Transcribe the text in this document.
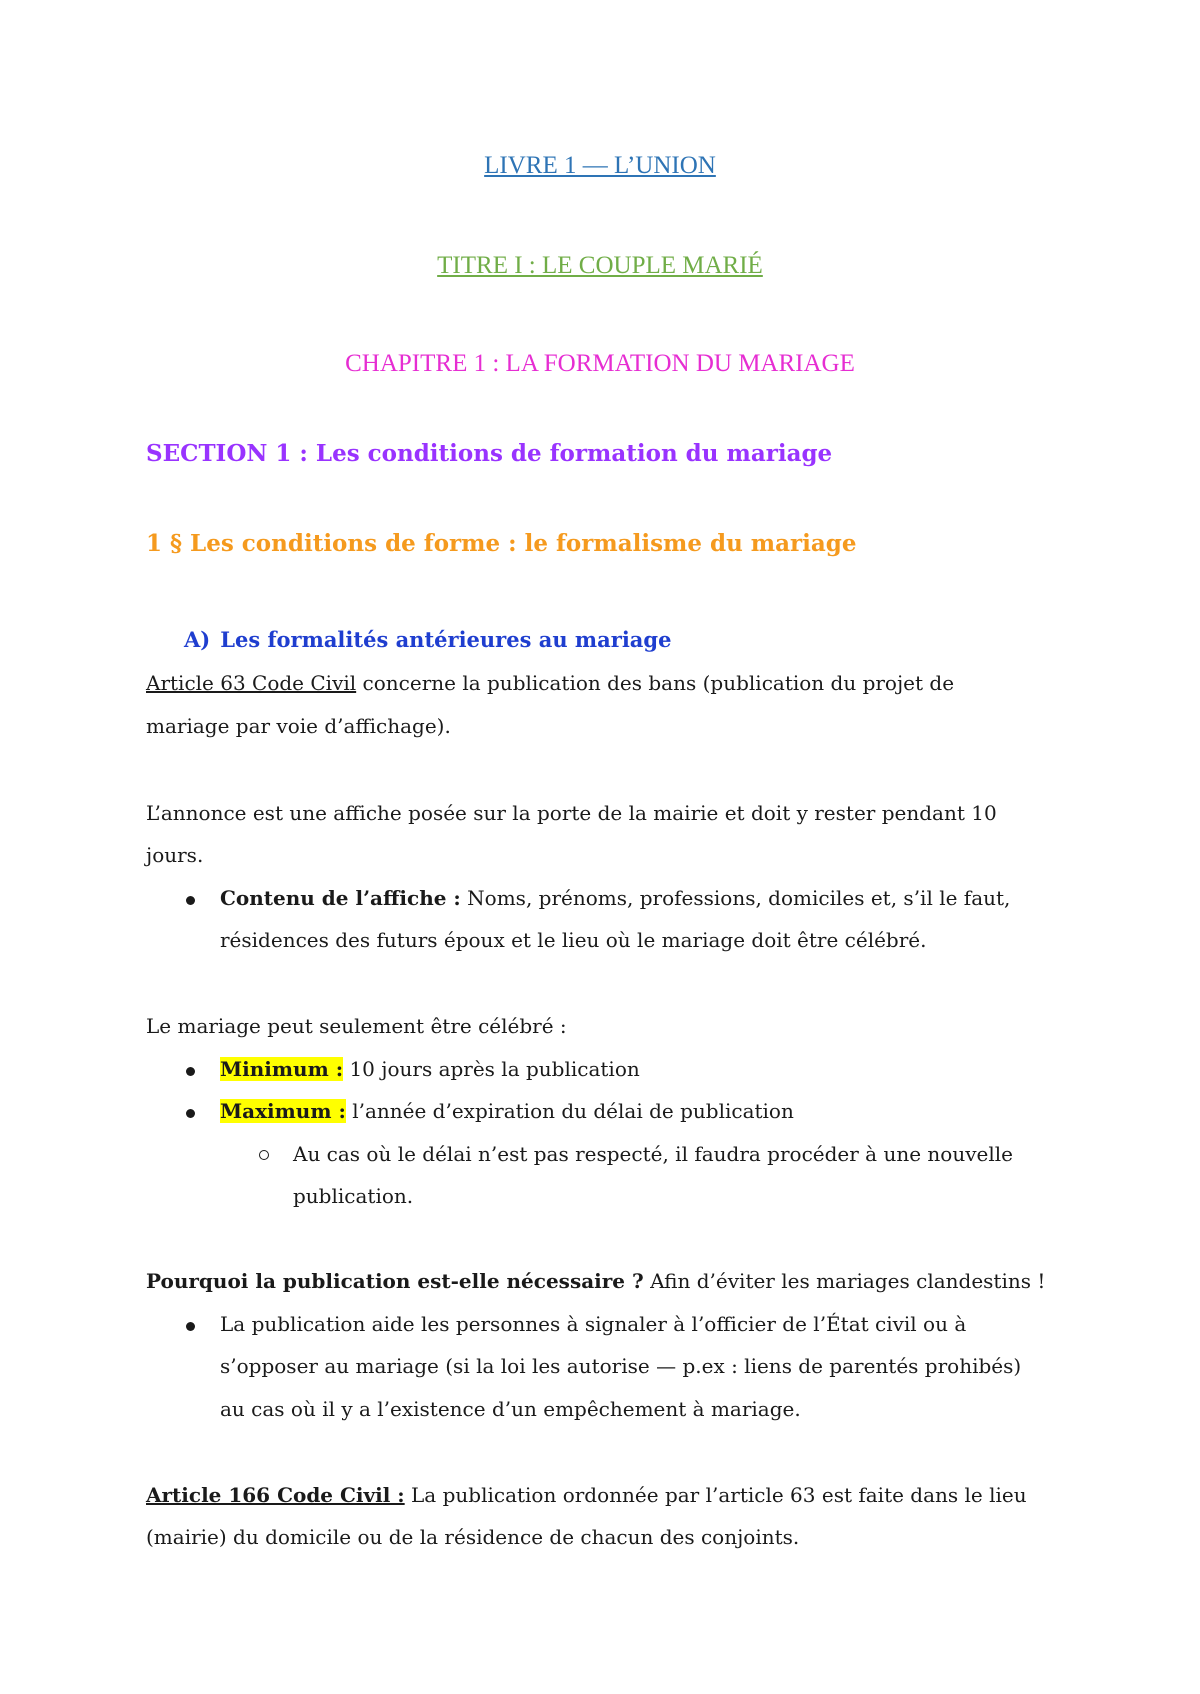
LIVRE 1 — L’UNION
TITRE I : LE COUPLE MARIÉ
CHAPITRE 1 : LA FORMATION DU MARIAGE
SECTION 1 : Les conditions de formation du mariage
1 § Les conditions de forme : le formalisme du mariage
A) Les formalités antérieures au mariage
Article 63 Code Civil concerne la publication des bans (publication du projet de
mariage par voie d’affichage).
L’annonce est une affiche posée sur la porte de la mairie et doit y rester pendant 10
jours.
Contenu de l’affiche : Noms, prénoms, professions, domiciles et, s’il le faut,
résidences des futurs époux et le lieu où le mariage doit être célébré.
Le mariage peut seulement être célébré :
Minimum : 10 jours après la publication
Maximum : l’année d’expiration du délai de publication
Au cas où le délai n’est pas respecté, il faudra procéder à une nouvelle
publication.
Pourquoi la publication est-elle nécessaire ? Afin d’éviter les mariages clandestins !
La publication aide les personnes à signaler à l’officier de l’État civil ou à
s’opposer au mariage (si la loi les autorise — p.ex : liens de parentés prohibés)
au cas où il y a l’existence d’un empêchement à mariage.
Article 166 Code Civil : La publication ordonnée par l’article 63 est faite dans le lieu
(mairie) du domicile ou de la résidence de chacun des conjoints.
